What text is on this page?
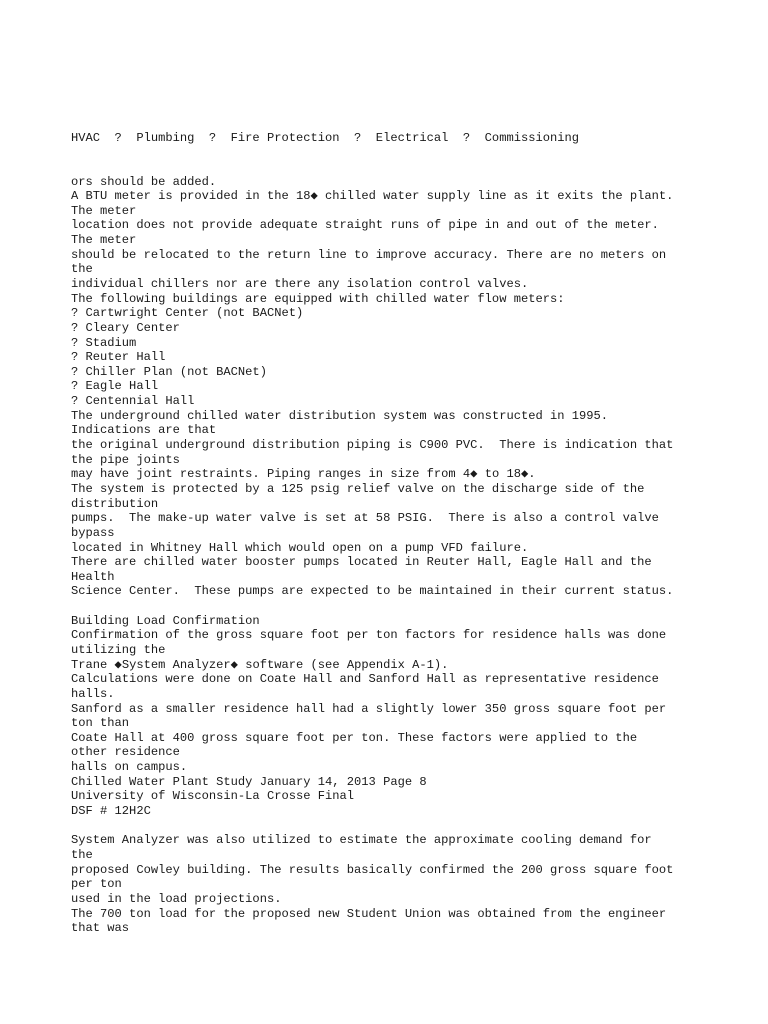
HVAC  ?  Plumbing  ?  Fire Protection  ?  Electrical  ?  Commissioning
ors should be added.
A BTU meter is provided in the 18◆ chilled water supply line as it exits the plant.
The meter
location does not provide adequate straight runs of pipe in and out of the meter.
The meter
should be relocated to the return line to improve accuracy. There are no meters on
the
individual chillers nor are there any isolation control valves.
The following buildings are equipped with chilled water flow meters:
? Cartwright Center (not BACNet)
? Cleary Center
? Stadium
? Reuter Hall
? Chiller Plan (not BACNet)
? Eagle Hall
? Centennial Hall
The underground chilled water distribution system was constructed in 1995.
Indications are that
the original underground distribution piping is C900 PVC.  There is indication that
the pipe joints
may have joint restraints. Piping ranges in size from 4◆ to 18◆.
The system is protected by a 125 psig relief valve on the discharge side of the
distribution
pumps.  The make-up water valve is set at 58 PSIG.  There is also a control valve
bypass
located in Whitney Hall which would open on a pump VFD failure.
There are chilled water booster pumps located in Reuter Hall, Eagle Hall and the
Health
Science Center.  These pumps are expected to be maintained in their current status.

Building Load Confirmation
Confirmation of the gross square foot per ton factors for residence halls was done
utilizing the
Trane ◆System Analyzer◆ software (see Appendix A-1).
Calculations were done on Coate Hall and Sanford Hall as representative residence
halls.
Sanford as a smaller residence hall had a slightly lower 350 gross square foot per
ton than
Coate Hall at 400 gross square foot per ton. These factors were applied to the
other residence
halls on campus.
Chilled Water Plant Study January 14, 2013 Page 8
University of Wisconsin-La Crosse Final
DSF # 12H2C

System Analyzer was also utilized to estimate the approximate cooling demand for
the
proposed Cowley building. The results basically confirmed the 200 gross square foot
per ton
used in the load projections.
The 700 ton load for the proposed new Student Union was obtained from the engineer
that was
